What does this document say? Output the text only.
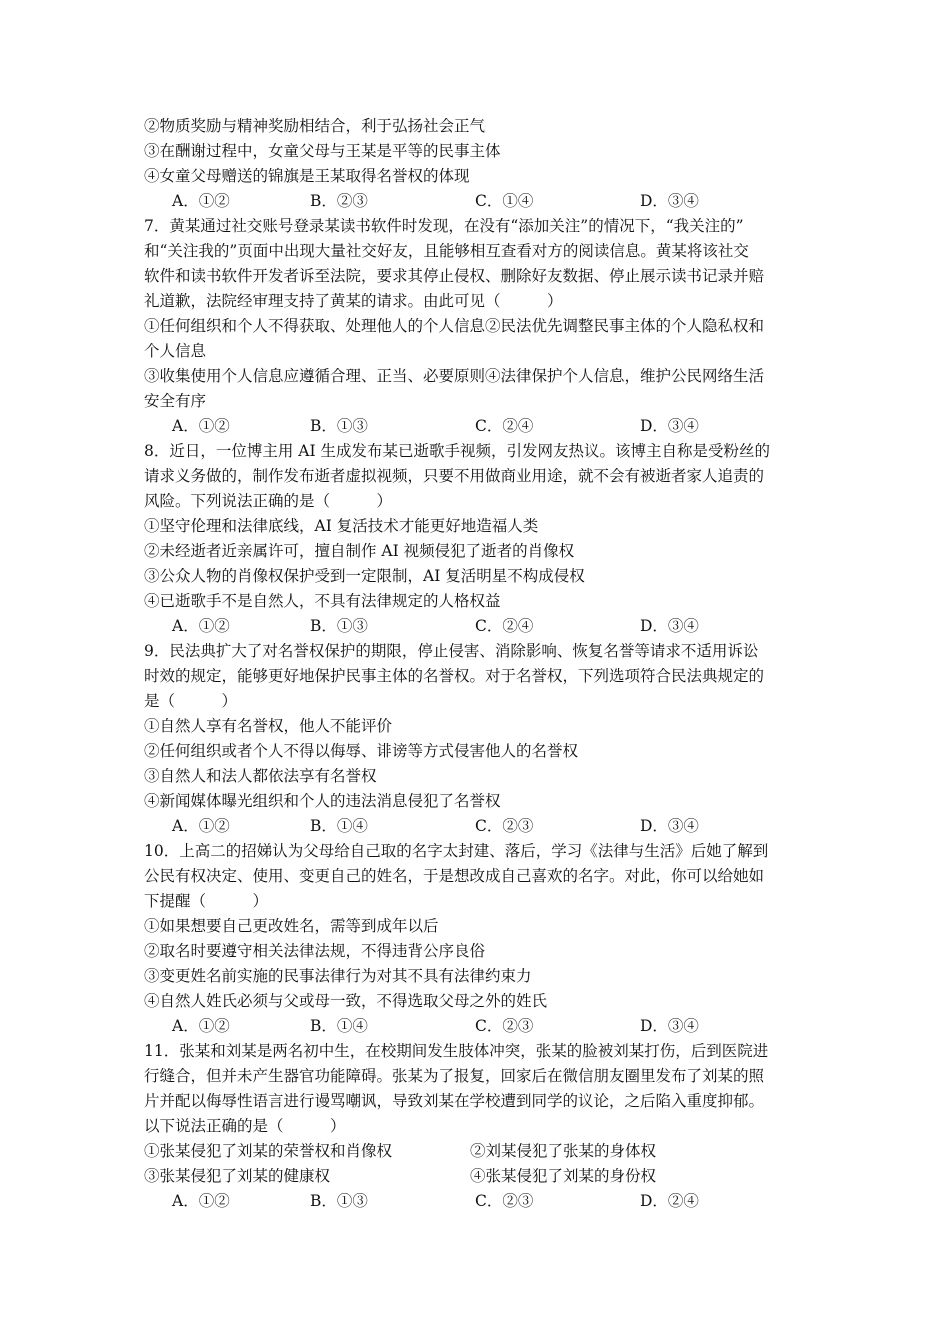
②物质奖励与精神奖励相结合，利于弘扬社会正气
③在酬谢过程中，女童父母与王某是平等的民事主体
④女童父母赠送的锦旗是王某取得名誉权的体现
A．①②	B．②③	C．①④	D．③④
7．黄某通过社交账号登录某读书软件时发现，在没有“添加关注”的情况下，“我关注的”
和“关注我的”页面中出现大量社交好友，且能够相互查看对方的阅读信息。黄某将该社交
软件和读书软件开发者诉至法院，要求其停止侵权、删除好友数据、停止展示读书记录并赔
礼道歉，法院经审理支持了黄某的请求。由此可见（　　　）
①任何组织和个人不得获取、处理他人的个人信息②民法优先调整民事主体的个人隐私权和
个人信息
③收集使用个人信息应遵循合理、正当、必要原则④法律保护个人信息，维护公民网络生活
安全有序
A．①②	B．①③	C．②④	D．③④
8．近日，一位博主用 AI 生成发布某已逝歌手视频，引发网友热议。该博主自称是受粉丝的
请求义务做的，制作发布逝者虚拟视频，只要不用做商业用途，就不会有被逝者家人追责的
风险。下列说法正确的是（　　　）
①坚守伦理和法律底线，AI 复活技术才能更好地造福人类
②未经逝者近亲属许可，擅自制作 AI 视频侵犯了逝者的肖像权
③公众人物的肖像权保护受到一定限制，AI 复活明星不构成侵权
④已逝歌手不是自然人，不具有法律规定的人格权益
A．①②	B．①③	C．②④	D．③④
9．民法典扩大了对名誉权保护的期限，停止侵害、消除影响、恢复名誉等请求不适用诉讼
时效的规定，能够更好地保护民事主体的名誉权。对于名誉权，下列选项符合民法典规定的
是（　　　）
①自然人享有名誉权，他人不能评价
②任何组织或者个人不得以侮辱、诽谤等方式侵害他人的名誉权
③自然人和法人都依法享有名誉权
④新闻媒体曝光组织和个人的违法消息侵犯了名誉权
A．①②	B．①④	C．②③	D．③④
10．上高二的招娣认为父母给自己取的名字太封建、落后，学习《法律与生活》后她了解到
公民有权决定、使用、变更自己的姓名，于是想改成自己喜欢的名字。对此，你可以给她如
下提醒（　　　）
①如果想要自己更改姓名，需等到成年以后
②取名时要遵守相关法律法规，不得违背公序良俗
③变更姓名前实施的民事法律行为对其不具有法律约束力
④自然人姓氏必须与父或母一致，不得选取父母之外的姓氏
A．①②	B．①④	C．②③	D．③④
11．张某和刘某是两名初中生，在校期间发生肢体冲突，张某的脸被刘某打伤，后到医院进
行缝合，但并未产生器官功能障碍。张某为了报复，回家后在微信朋友圈里发布了刘某的照
片并配以侮辱性语言进行谩骂嘲讽，导致刘某在学校遭到同学的议论，之后陷入重度抑郁。
以下说法正确的是（　　　）
①张某侵犯了刘某的荣誉权和肖像权	②刘某侵犯了张某的身体权
③张某侵犯了刘某的健康权	④张某侵犯了刘某的身份权
A．①②	B．①③	C．②③	D．②④
